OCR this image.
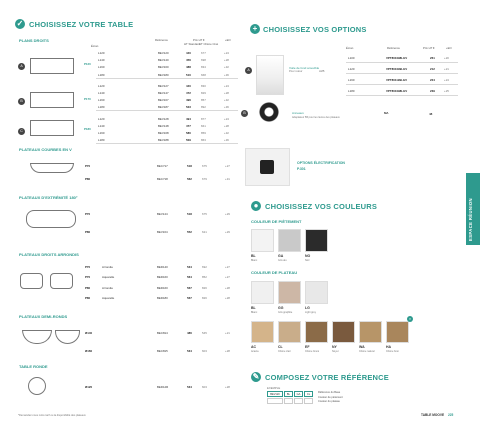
✓ CHOISISSEZ VOTRE TABLE
PLANS DROITS
Écran
Référence	Prix HT €
HT Standard HT Chêne Ciné
+EO
L120	BEV120	440	677	+24
L140	BEV140	456	698	+28
L160	BEV160	488	834	+32
L180	BEV180	510	668	+36
L120	BEV127	440	830	+24
L140	BEV147	472	829	+28
L160	BEV167	496	857	+32
L180	BEV187	523	892	+36
L120	BEV128	494	877	+24
L140	BEV148	477	841	+28
L160	BEV168	580	859	+32
L180	BEV188	509	863	+36
A
B
C
P120
P170
P180
PLATEAUX COURBES EN V
P70	BEC717	518	675	+27
P80	BEC718	562	679	+31
PLATEAUX D'EXTRÉMITÉ 180°
P70	BEV144	518	675	+29
P80	BEV164	552	621	+29
PLATEAUX DROITS ARRONDIS
P70	Arrondie	BED140	534	692	+27
P70	Aquarelle	BED160	564	852	+27
P80	Arrondie	BED160	567	826	+28
P80	Aquarelle	BED180	567	826	+28
PLATEAUX DEMI-RONDS
Ø140	BEC814	486	545	+21
Ø160	BEC815	534	603	+28
TABLE RONDE
Ø120	BED12R	534	603	+28
*Demandez-nous notre tarif ou la disponibilité des plateaux
+ CHOISISSEZ VOS OPTIONS
Écran	Référence	Prix HT €	+EO
A	Voile de fond amovible
Pour retour	HZB
L100	VPT801098LGV	261	+20
L120	VPT801099LGV	212	+21
L160	VPT801199LGV	224	+24
L180	VPT801098LGV	239	+25
B	Anneaux
Adaptateur 5B pour les lèvres des plateaux
MA	48
OPTIONS ÉLECTRIFICATION
P.301
● CHOISISSEZ VOS COULEURS
COULEUR DE PIÈTEMENT
BL
Blanc
GA
Gris alu
NO
Noir
COULEUR DE PLATEAU
BL
Blanc
GG
Gris graphite
LG
Light grey
AC
Acacia
CL
Chêne clair
EF
Chêne foncé
NY
Noyer
WA
Chêne naturel
HA
Chêne brun
×
✎ COMPOSEZ VOTRE RÉFÉRENCE
EXEMPLE
BEV120	BL	GA	CL
Référence du Base
Couleur de piètement
Couleur du plateau
ESPACE RÉUNION
TABLE MOOVE 225
